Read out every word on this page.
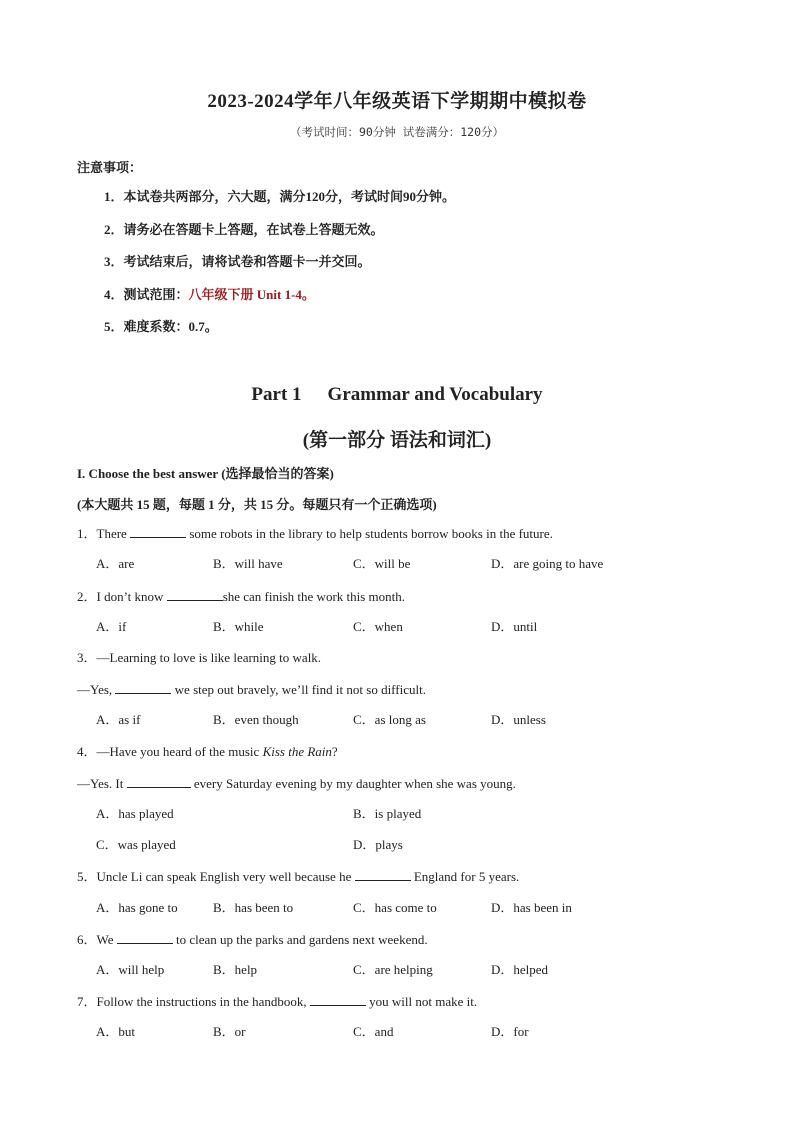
2023-2024学年八年级英语下学期期中模拟卷
（考试时间：90分钟 试卷满分：120分）
注意事项：
1．本试卷共两部分，六大题，满分120分，考试时间90分钟。
2．请务必在答题卡上答题，在试卷上答题无效。
3．考试结束后，请将试卷和答题卡一并交回。
4．测试范围：八年级下册 Unit 1-4。
5．难度系数：0.7。
Part 1 Grammar and Vocabulary
(第一部分 语法和词汇)
I. Choose the best answer (选择最恰当的答案)
(本大题共 15 题，每题 1 分，共 15 分。每题只有一个正确选项)
1．There	some robots in the library to help students borrow books in the future.
A．are	B．will have	C．will be	D．are going to have
2．I don’t know	she can finish the work this month.
A．if	B．while	C．when	D．until
3．—Learning to love is like learning to walk.
—Yes,	we step out bravely, we’ll find it not so difficult.
A．as if	B．even though	C．as long as	D．unless
4．—Have you heard of the music Kiss the Rain?
—Yes. It	every Saturday evening by my daughter when she was young.
A．has played	B．is played
C．was played	D．plays
5．Uncle Li can speak English very well because he	England for 5 years.
A．has gone to	B．has been to	C．has come to	D．has been in
6．We	to clean up the parks and gardens next weekend.
A．will help	B．help	C．are helping	D．helped
7．Follow the instructions in the handbook,	you will not make it.
A．but	B．or	C．and	D．for
